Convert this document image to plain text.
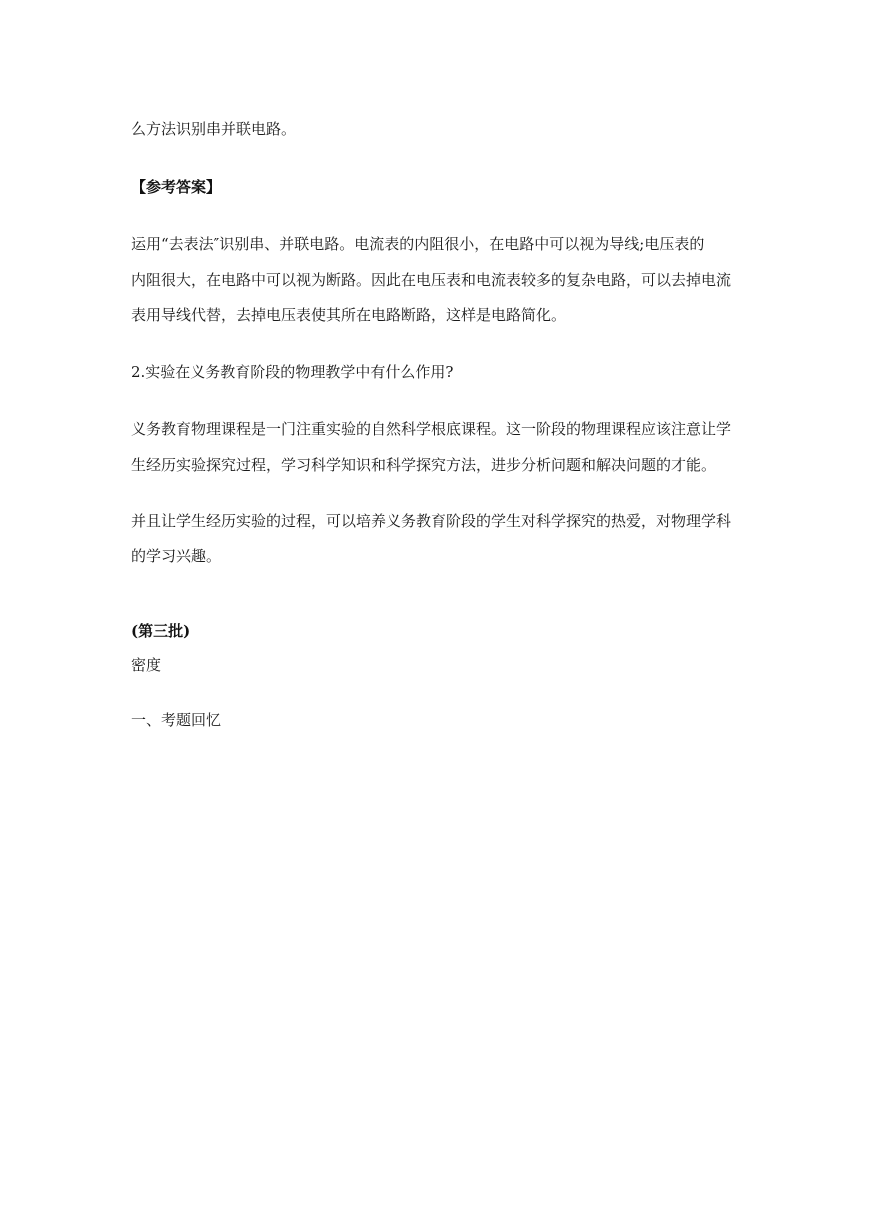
么方法识别串并联电路。

【参考答案】

运用“去表法″识别串、并联电路。电流表的内阻很小，在电路中可以视为导线;电压表的

内阻很大，在电路中可以视为断路。因此在电压表和电流表较多的复杂电路，可以去掉电流

表用导线代替，去掉电压表使其所在电路断路，这样是电路简化。

2.实验在义务教育阶段的物理教学中有什么作用?

义务教育物理课程是一门注重实验的自然科学根底课程。这一阶段的物理课程应该注意让学

生经历实验探究过程，学习科学知识和科学探究方法，进步分析问题和解决问题的才能。

并且让学生经历实验的过程，可以培养义务教育阶段的学生对科学探究的热爱，对物理学科

的学习兴趣。

(第三批)

密度

一、考题回忆
